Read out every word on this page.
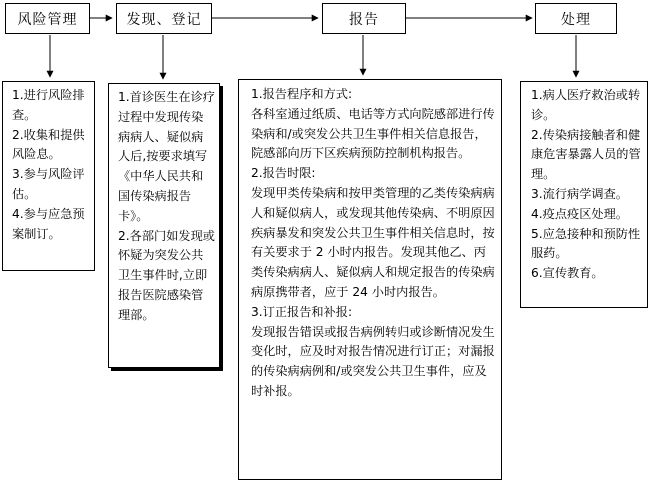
风险管理	发现、登记	报告	处理
1.进行风险排查。
2.收集和提供风险息。
3.参与风险评估。
4.参与应急预案制订。
1.首诊医生在诊疗过程中发现传染病病人、疑似病人后,按要求填写《中华人民共和国传染病报告卡》。
2.各部门如发现或怀疑为突发公共卫生事件时,立即报告医院感染管理部。
1.报告程序和方式:
各科室通过纸质、电话等方式向院感部进行传染病和/或突发公共卫生事件相关信息报告，院感部向历下区疾病预防控制机构报告。
2.报告时限:
发现甲类传染病和按甲类管理的乙类传染病病人和疑似病人，或发现其他传染病、不明原因疾病暴发和突发公共卫生事件相关信息时，按有关要求于 2 小时内报告。发现其他乙、丙类传染病病人、疑似病人和规定报告的传染病病原携带者，应于 24 小时内报告。
3.订正报告和补报:
发现报告错误或报告病例转归或诊断情况发生变化时，应及时对报告情况进行订正；对漏报的传染病病例和/或突发公共卫生事件，应及时补报。
1.病人医疗救治或转诊。
2.传染病接触者和健康危害暴露人员的管理。
3.流行病学调查。
4.疫点疫区处理。
5.应急接种和预防性服药。
6.宣传教育。
